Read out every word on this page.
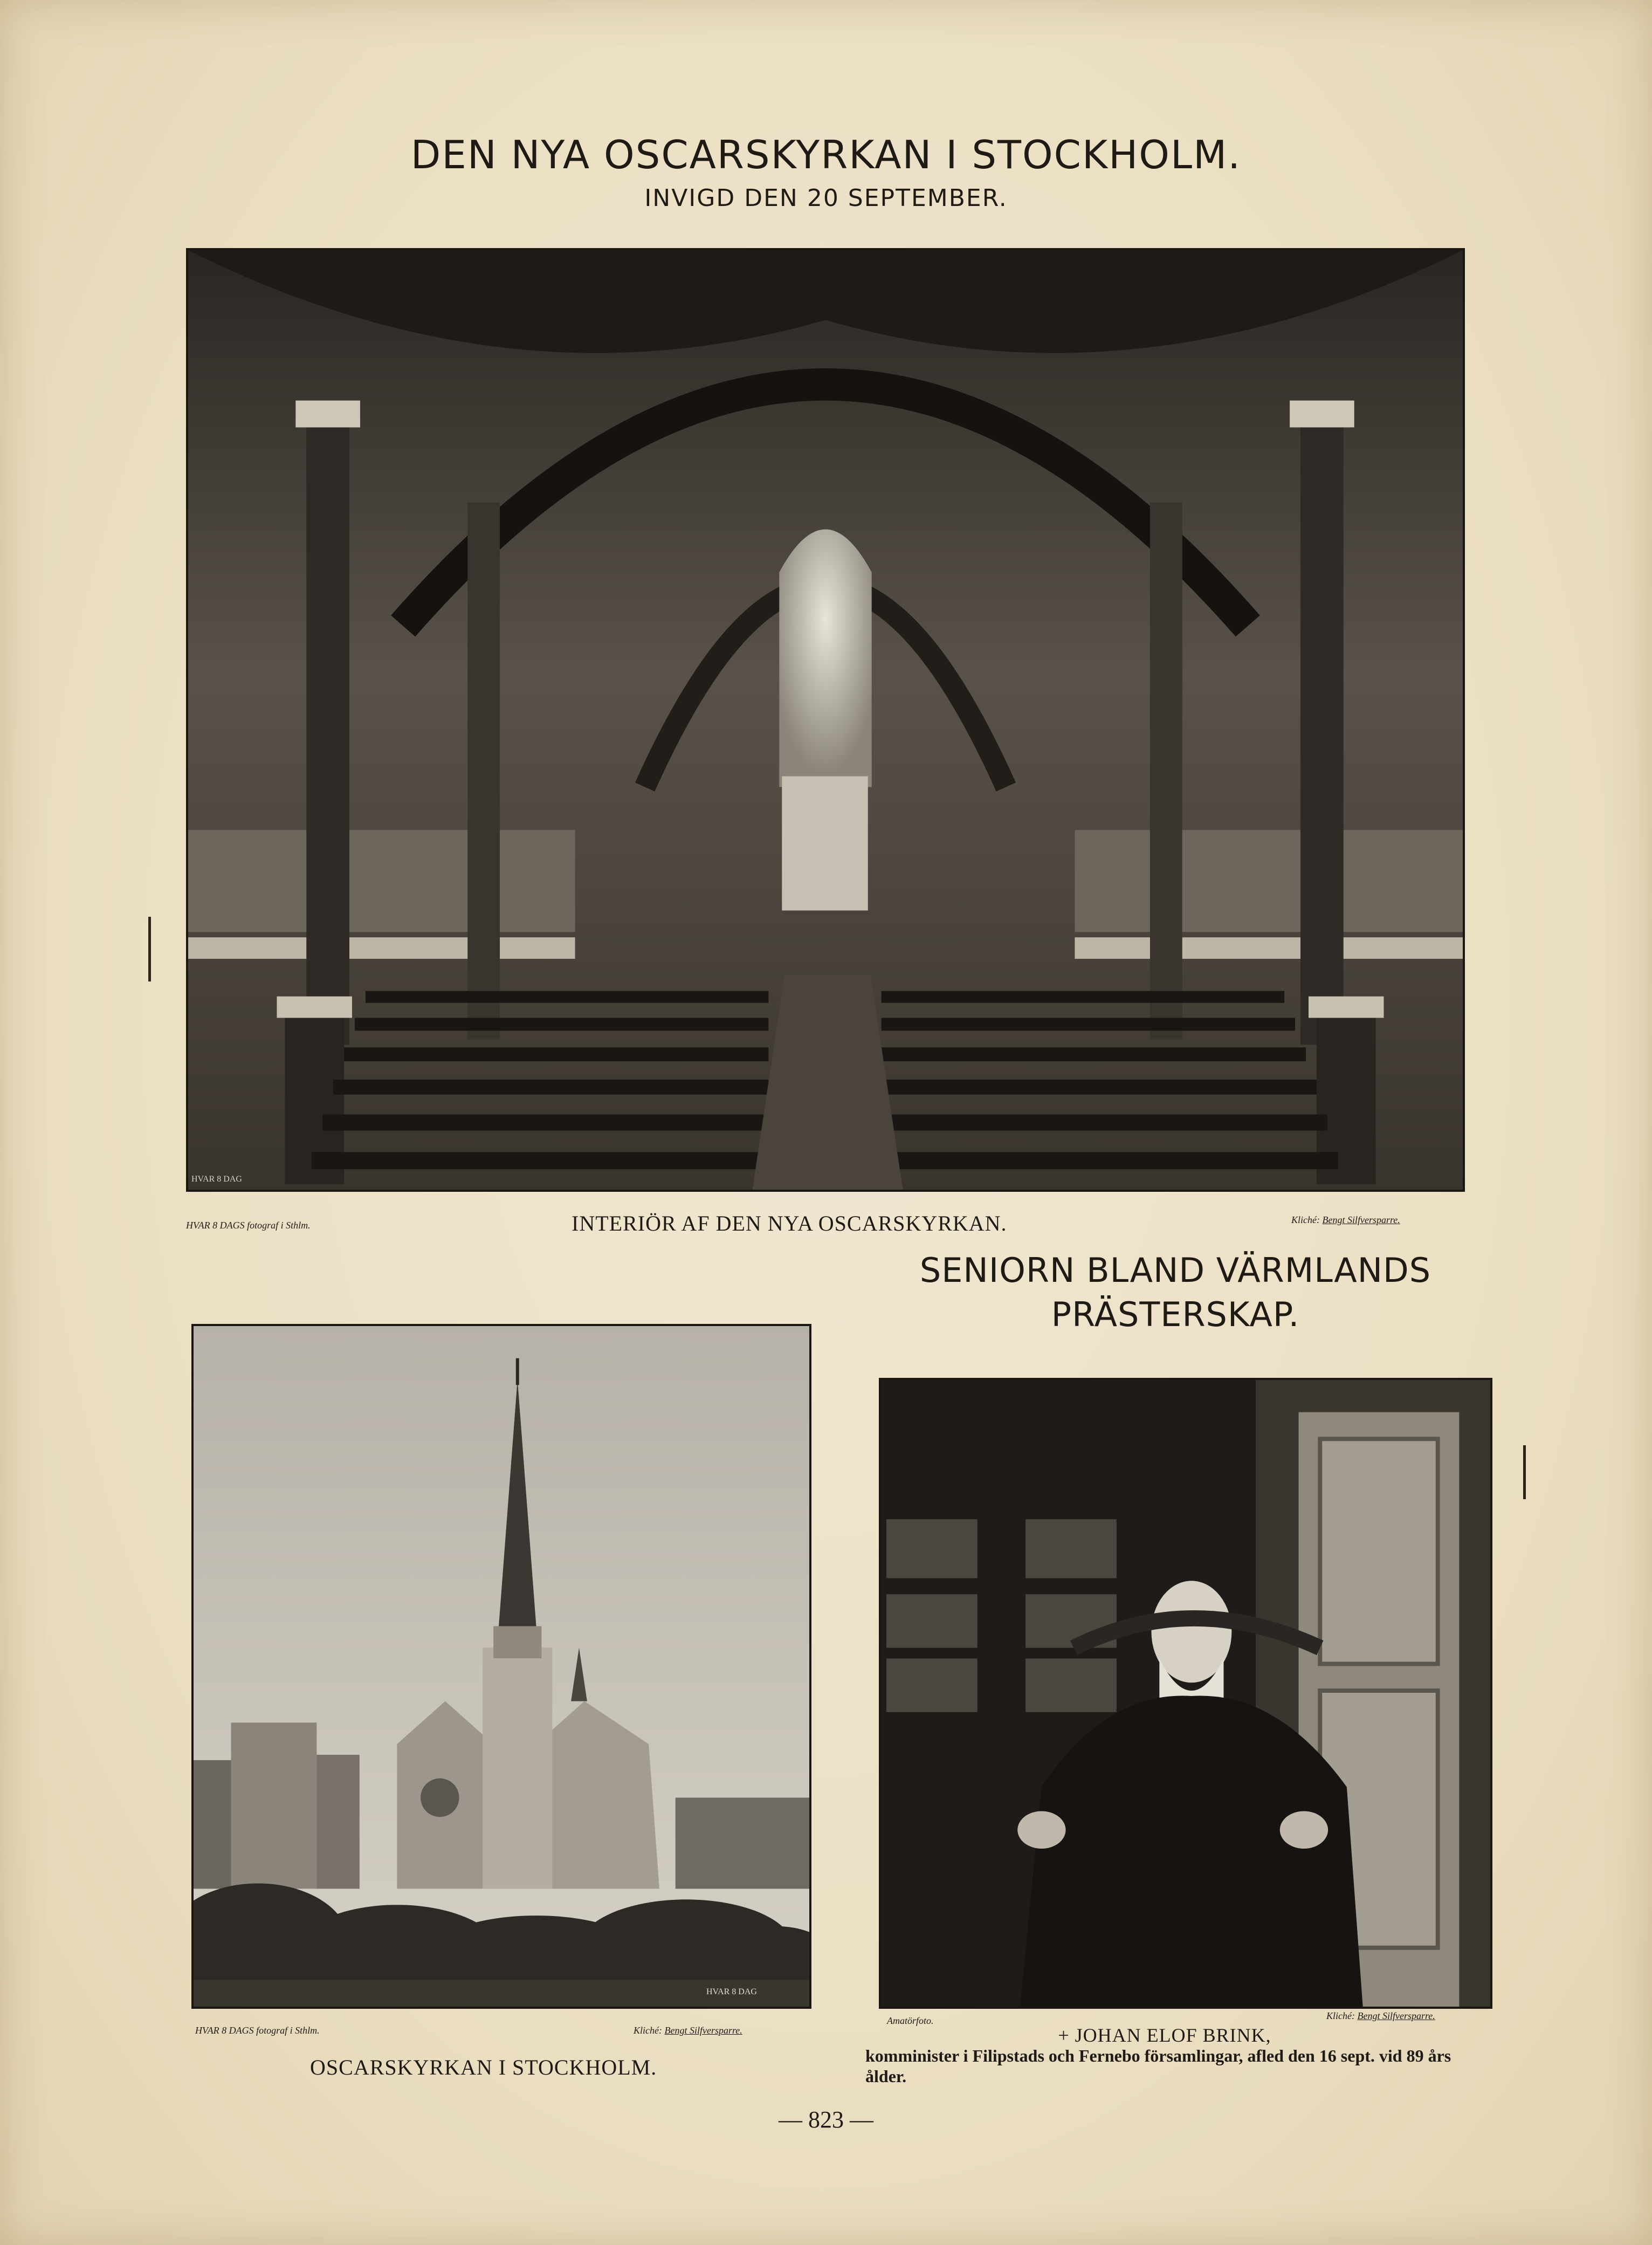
DEN NYA OSCARSKYRKAN I STOCKHOLM.
INVIGD DEN 20 SEPTEMBER.
HVAR 8 DAG
HVAR 8 DAGS fotograf i Sthlm.	INTERIÖR AF DEN NYA OSCARSKYRKAN.	Kliché: Bengt Silfversparre.
SENIORN BLAND VÄRMLANDS
PRÄSTERSKAP.
HVAR 8 DAG
HVAR 8 DAGS fotograf i Sthlm.	Kliché: Bengt Silfversparre.
OSCARSKYRKAN I STOCKHOLM.
Amatörfoto.	Kliché: Bengt Silfversparre.
+ JOHAN ELOF BRINK,
komminister i Filipstads och Fernebo församlingar, afled den 16 sept. vid 89 års ålder.
— 823 —
